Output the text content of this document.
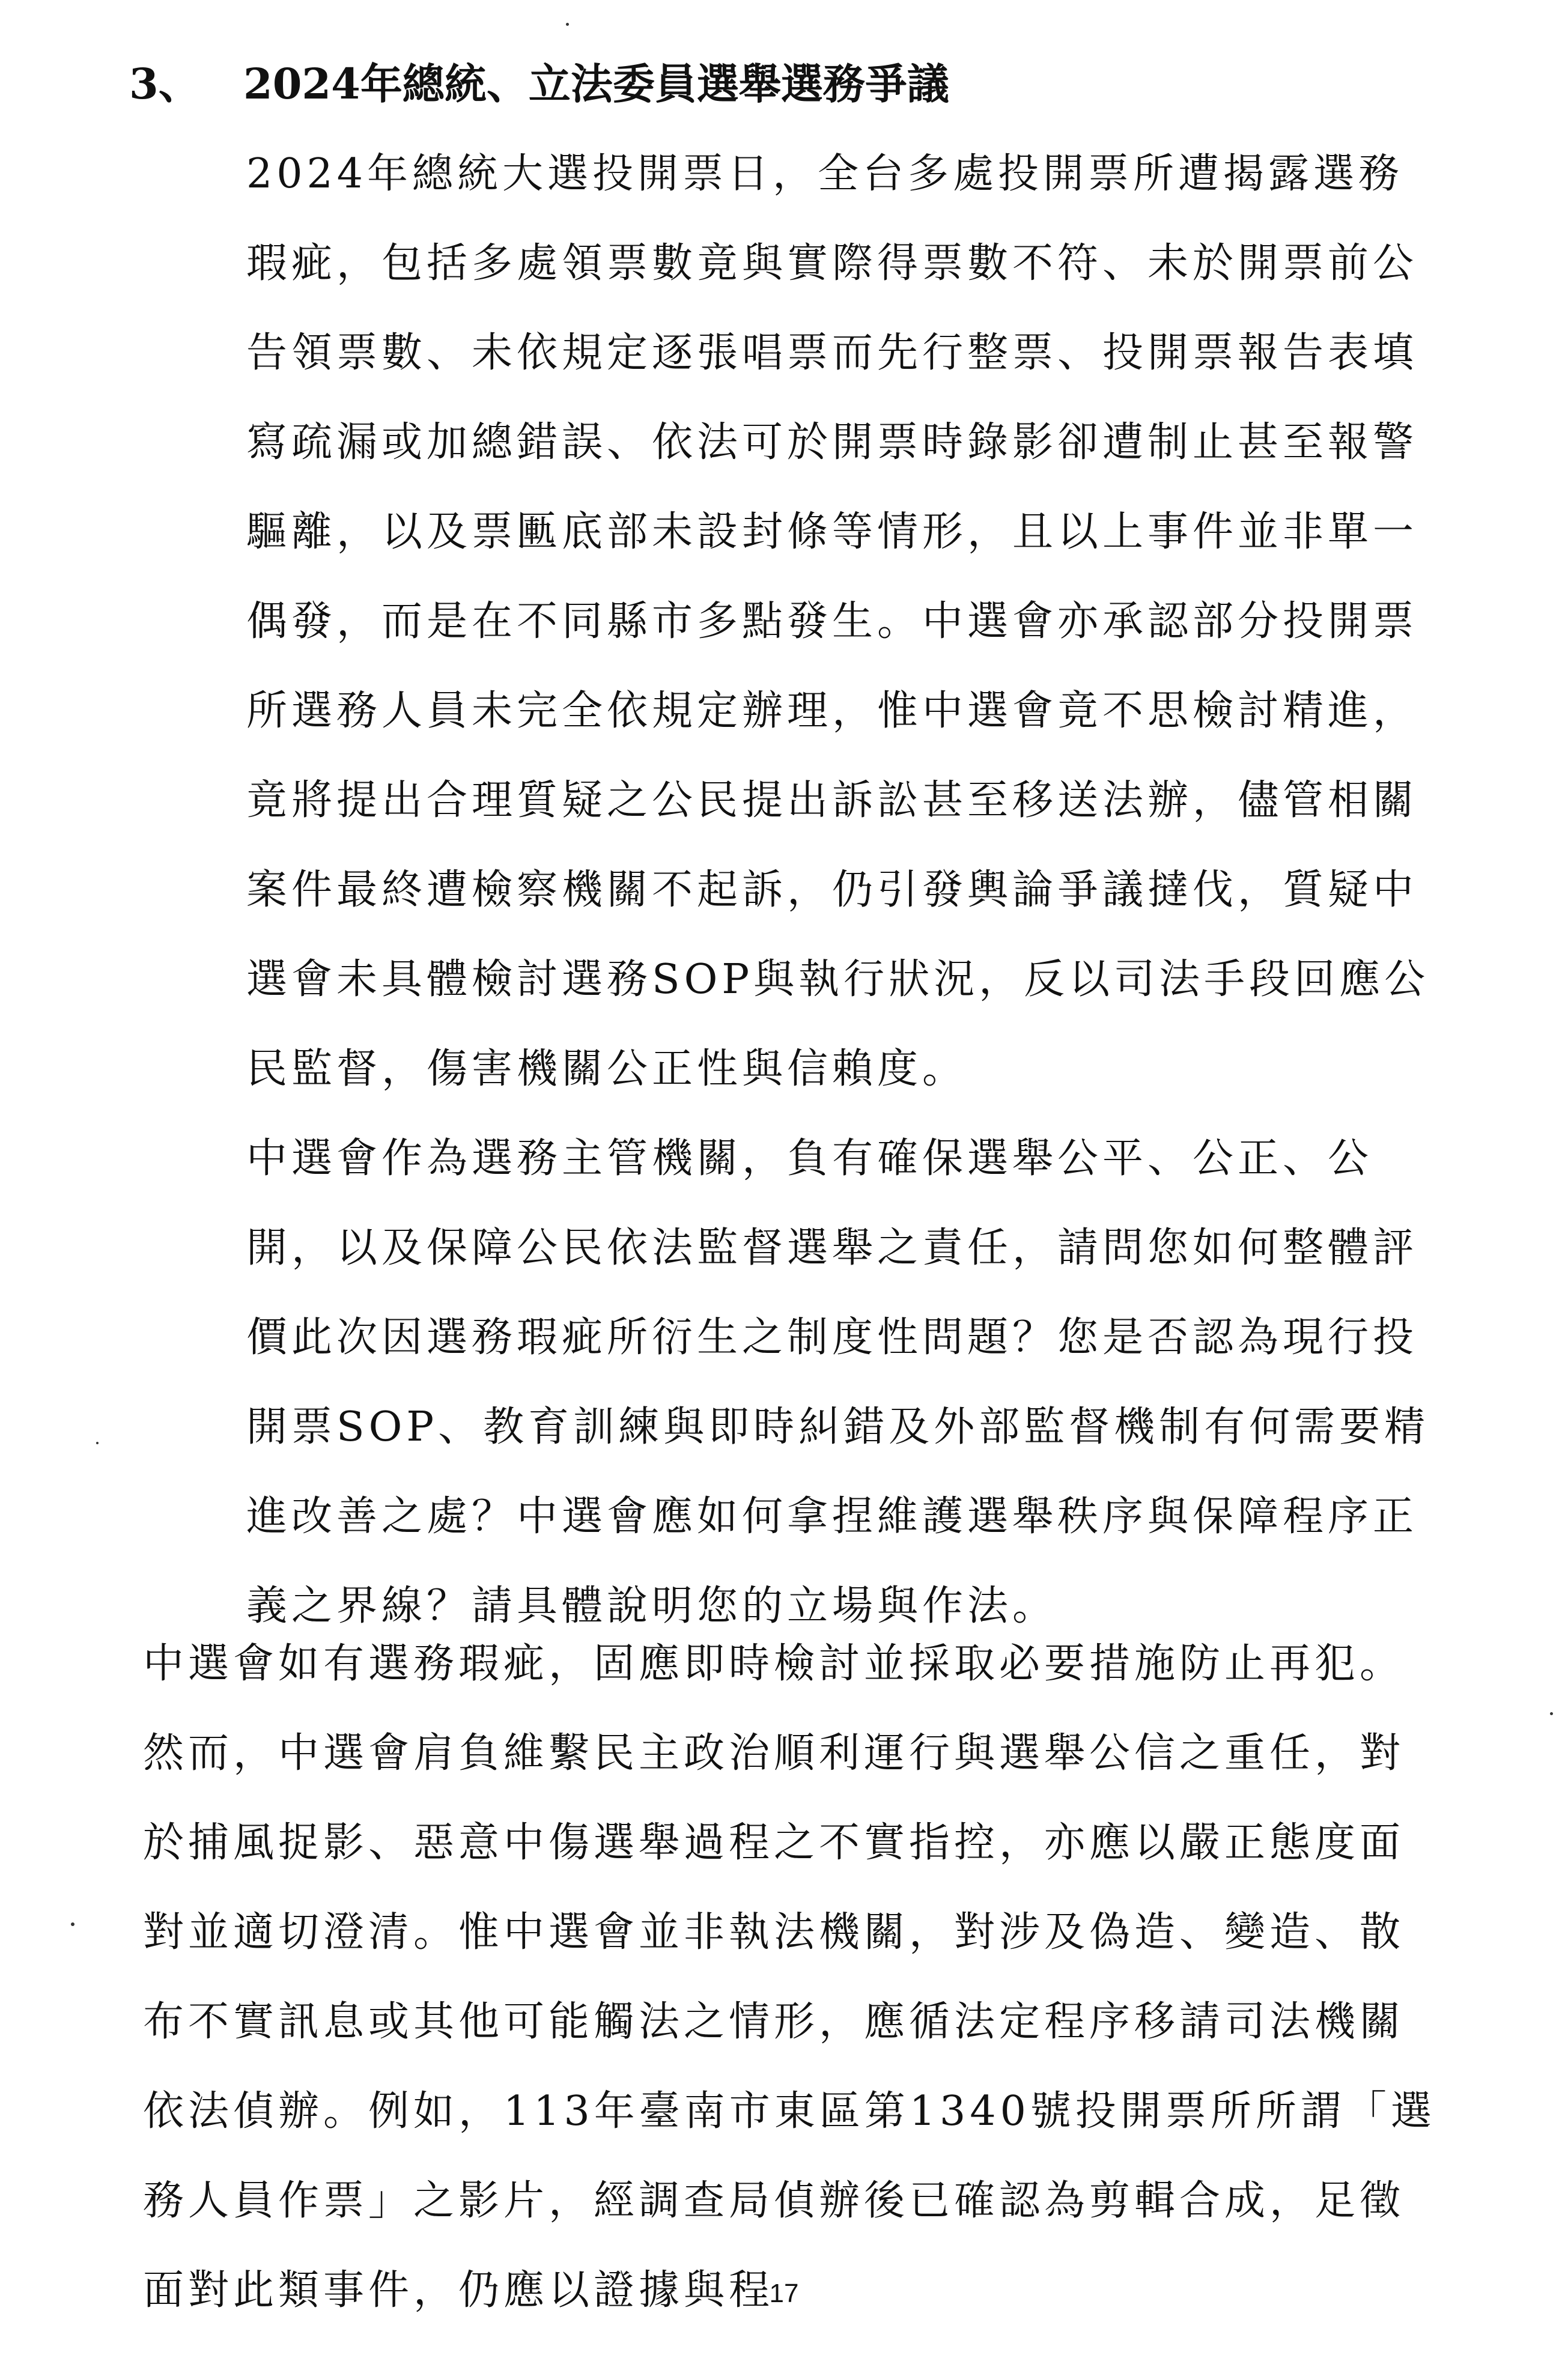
3、 2024年總統、立法委員選舉選務爭議

2024年總統大選投開票日，全台多處投開票所遭揭露選務瑕疵，包括多處領票數竟與實際得票數不符、未於開票前公告領票數、未依規定逐張唱票而先行整票、投開票報告表填寫疏漏或加總錯誤、依法可於開票時錄影卻遭制止甚至報警驅離，以及票匭底部未設封條等情形，且以上事件並非單一偶發，而是在不同縣市多點發生。中選會亦承認部分投開票所選務人員未完全依規定辦理，惟中選會竟不思檢討精進，竟將提出合理質疑之公民提出訴訟甚至移送法辦，儘管相關案件最終遭檢察機關不起訴，仍引發輿論爭議撻伐，質疑中選會未具體檢討選務SOP與執行狀況，反以司法手段回應公民監督，傷害機關公正性與信賴度。

中選會作為選務主管機關，負有確保選舉公平、公正、公開，以及保障公民依法監督選舉之責任，請問您如何整體評價此次因選務瑕疵所衍生之制度性問題？您是否認為現行投開票SOP、教育訓練與即時糾錯及外部監督機制有何需要精進改善之處？中選會應如何拿捏維護選舉秩序與保障程序正義之界線？請具體說明您的立場與作法。

中選會如有選務瑕疵，固應即時檢討並採取必要措施防止再犯。然而，中選會肩負維繫民主政治順利運行與選舉公信之重任，對於捕風捉影、惡意中傷選舉過程之不實指控，亦應以嚴正態度面對並適切澄清。惟中選會並非執法機關，對涉及偽造、變造、散布不實訊息或其他可能觸法之情形，應循法定程序移請司法機關依法偵辦。例如，113年臺南市東區第1340號投開票所所謂「選務人員作票」之影片，經調查局偵辦後已確認為剪輯合成，足徵面對此類事件，仍應以證據與程

17
